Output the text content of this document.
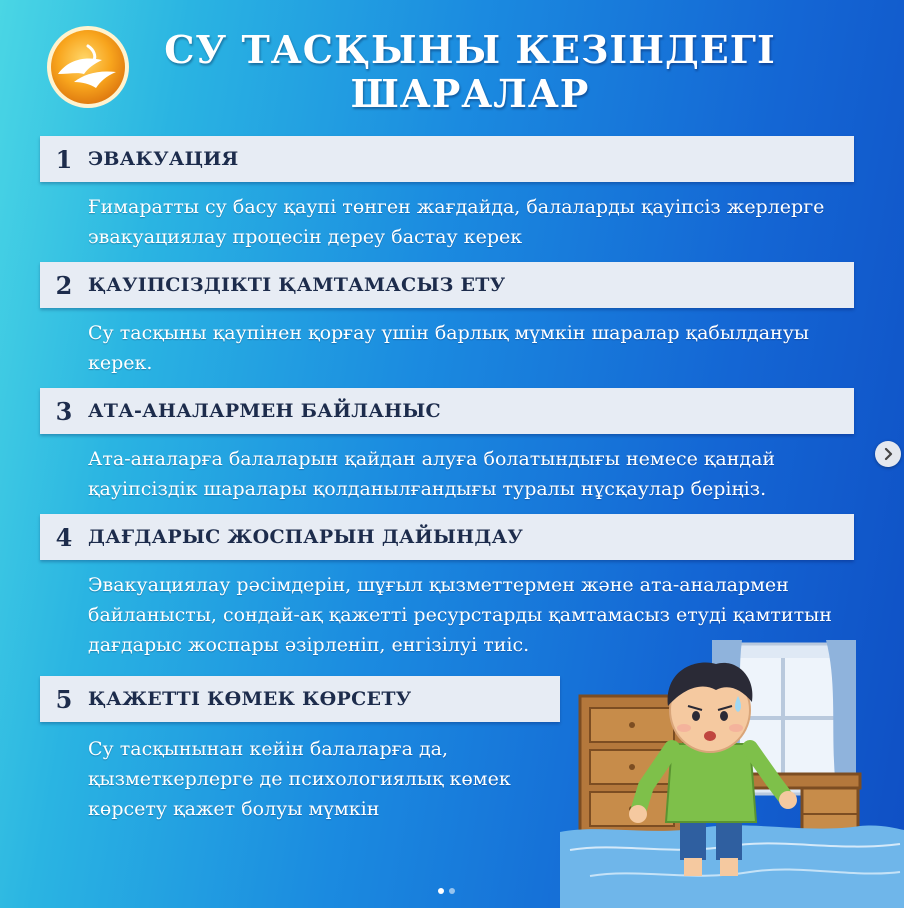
СУ ТАСҚЫНЫ КЕЗІНДЕГІ
ШАРАЛАР
1 ЭВАКУАЦИЯ
Ғимаратты су басу қаупі төнген жағдайда, балаларды қауіпсіз жерлерге
эвакуациялау процесін дереу бастау керек
2 ҚАУІПСІЗДІКТІ ҚАМТАМАСЫЗ ЕТУ
Су тасқыны қаупінен қорғау үшін барлық мүмкін шаралар қабылдануы
керек.
3 АТА-АНАЛАРМЕН БАЙЛАНЫС
Ата-аналарға балаларын қайдан алуға болатындығы немесе қандай
қауіпсіздік шаралары қолданылғандығы туралы нұсқаулар беріңіз.
4 ДАҒДАРЫС ЖОСПАРЫН ДАЙЫНДАУ
Эвакуациялау рәсімдерін, шұғыл қызметтермен және ата-аналармен
байланысты, сондай-ақ қажетті ресурстарды қамтамасыз етуді қамтитын
дағдарыс жоспары әзірленіп, енгізілуі тиіс.
5 ҚАЖЕТТІ КӨМЕК КӨРСЕТУ
Су тасқынынан кейін балаларға да,
қызметкерлерге де психологиялық көмек
көрсету қажет болуы мүмкін
